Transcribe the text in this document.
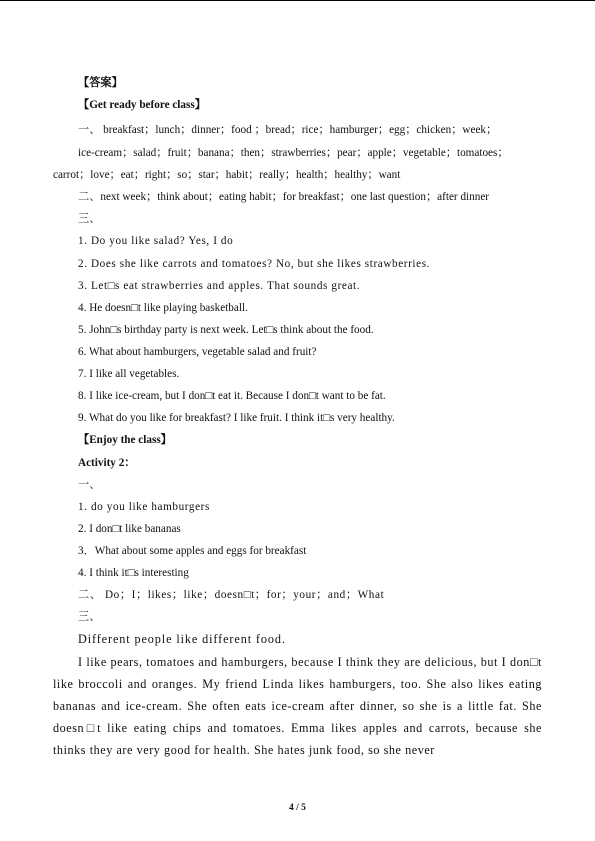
【答案】
【Get ready before class】
一、 breakfast；lunch；dinner；food ；bread；rice；hamburger；egg；chicken；week；
ice-cream；salad；fruit；banana；then；strawberries；pear；apple；vegetable；tomatoes；
carrot；love；eat；right；so；star；habit；really；health；healthy；want
二、next week；think about；eating habit；for breakfast；one last question；after dinner
三、
1. Do you like salad? Yes, I do
2. Does she like carrots and tomatoes? No, but she likes strawberries.
3. Let□s eat strawberries and apples. That sounds great.
4. He doesn□t like playing basketball.
5. John□s birthday party is next week. Let□s think about the food.
6. What about hamburgers, vegetable salad and fruit?
7. I like all vegetables.
8. I like ice-cream, but I don□t eat it. Because I don□t want to be fat.
9. What do you like for breakfast? I like fruit. I think it□s very healthy.
【Enjoy the class】
Activity 2：
一、
1. do you like hamburgers
2. I don□t like bananas
3．What about some apples and eggs for breakfast
4. I think it□s interesting
二、 Do；I；likes；like；doesn□t；for；your；and；What
三、
Different people like different food.
I like pears, tomatoes and hamburgers, because I think they are delicious, but I don□t like broccoli and oranges. My friend Linda likes hamburgers, too. She also likes eating bananas and ice-cream. She often eats ice-cream after dinner, so she is a little fat. She doesn□t like eating chips and tomatoes. Emma likes apples and carrots, because she thinks they are very good for health. She hates junk food, so she never
4 / 5
